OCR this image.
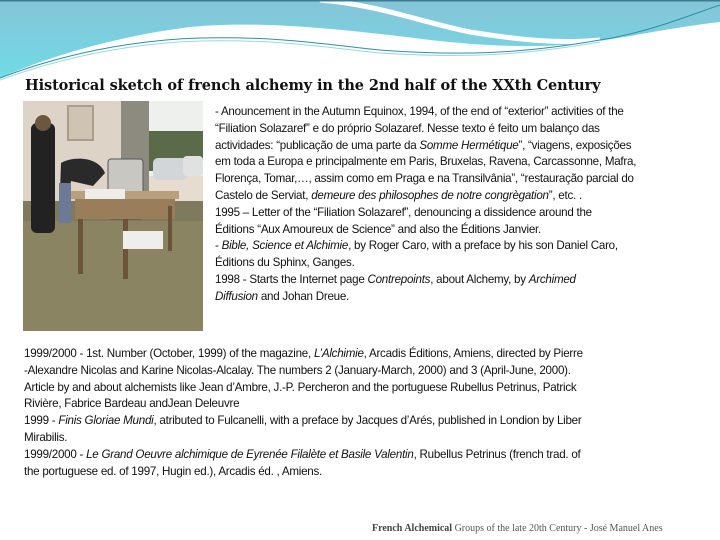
Historical sketch of french alchemy in the 2nd half of the XXth Century
- Anouncement in the Autumn Equinox, 1994, of the end of “exterior” activities of the
“Filiation Solazaref” e do próprio Solazaref. Nesse texto é feito um balanço das
actividades: “publicação de uma parte da Somme Hermétique”, “viagens, exposições
em toda a Europa e principalmente em Paris, Bruxelas, Ravena, Carcassonne, Mafra,
Florença, Tomar,…, assim como em Praga e na Transilvânia”, “restauração parcial do
Castelo de Serviat, demeure des philosophes de notre congrègation”, etc. .
1995 – Letter of the “Filiation Solazaref”, denouncing a dissidence around the
Éditions “Aux Amoureux de Science” and also the Éditions Janvier.
- Bible, Science et Alchimie, by Roger Caro, with a preface by his son Daniel Caro,
Éditions du Sphinx, Ganges.
1998 - Starts the Internet page Contrepoints, about Alchemy, by Archimed
Diffusion and Johan Dreue.
1999/2000 - 1st. Number (October, 1999) of the magazine, L’Alchimie, Arcadis Éditions, Amiens, directed by Pierre
-Alexandre Nicolas and Karine Nicolas-Alcalay. The numbers 2 (January-March, 2000) and 3 (April-June, 2000).
Article by and about alchemists like Jean d’Ambre, J.-P. Percheron and the portuguese Rubellus Petrinus, Patrick
Rivière, Fabrice Bardeau andJean Deleuvre
1999 - Finis Gloriae Mundi, atributed to Fulcanelli, with a preface by Jacques d’Arés, published in Londion by Liber
Mirabilis.
1999/2000 - Le Grand Oeuvre alchimique de Eyrenée Filalète et Basile Valentin, Rubellus Petrinus (french trad. of
the portuguese ed. of 1997, Hugin ed.), Arcadis éd. , Amiens.
French Alchemical Groups of the late 20th Century - José Manuel Anes
